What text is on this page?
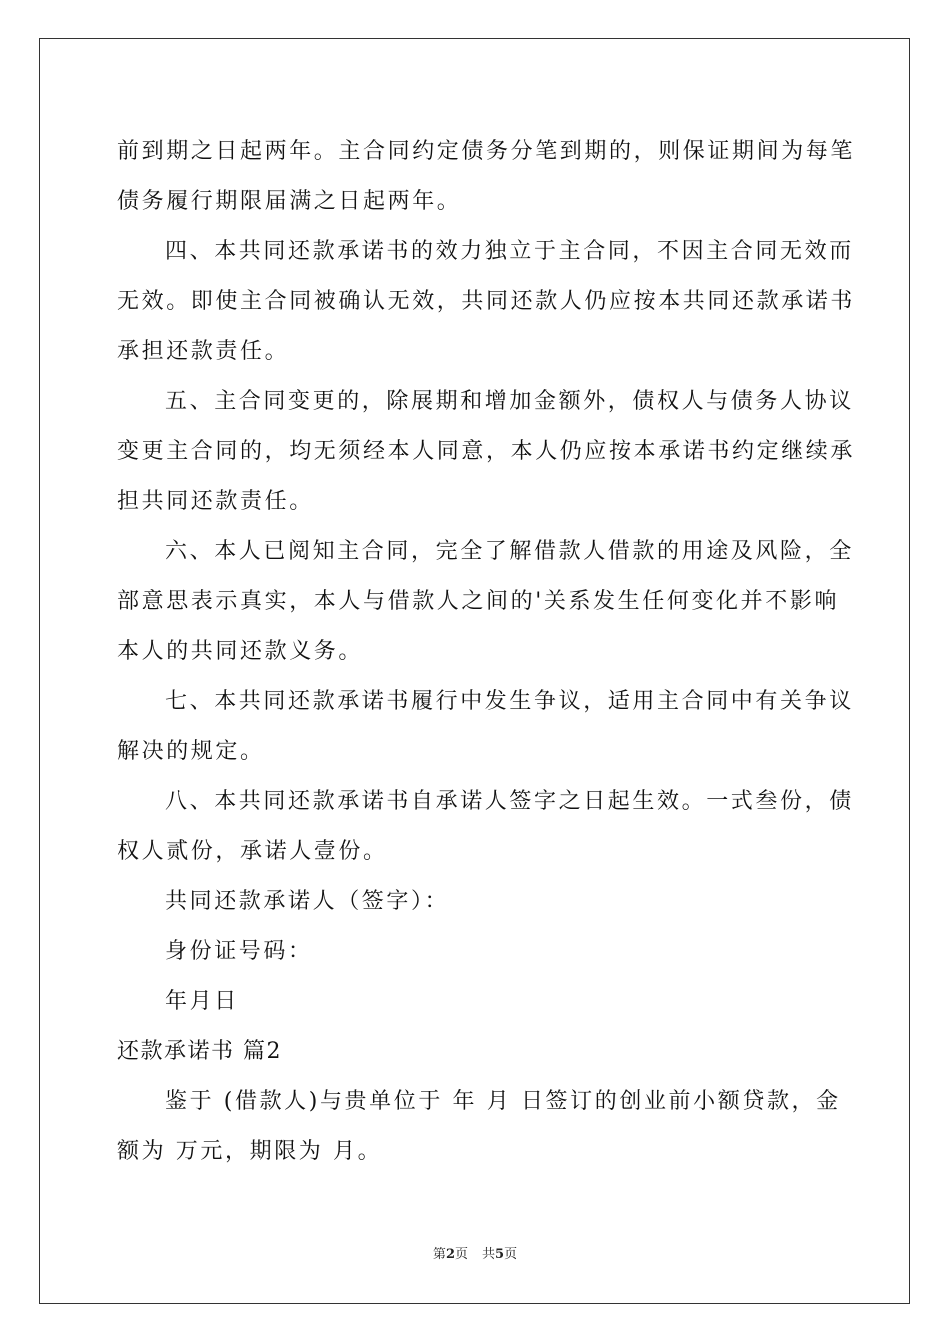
前到期之日起两年。主合同约定债务分笔到期的，则保证期间为每笔
债务履行期限届满之日起两年。
四、本共同还款承诺书的效力独立于主合同，不因主合同无效而
无效。即使主合同被确认无效，共同还款人仍应按本共同还款承诺书
承担还款责任。
五、主合同变更的，除展期和增加金额外，债权人与债务人协议
变更主合同的，均无须经本人同意，本人仍应按本承诺书约定继续承
担共同还款责任。
六、本人已阅知主合同，完全了解借款人借款的用途及风险，全
部意思表示真实，本人与借款人之间的'关系发生任何变化并不影响
本人的共同还款义务。
七、本共同还款承诺书履行中发生争议，适用主合同中有关争议
解决的规定。
八、本共同还款承诺书自承诺人签字之日起生效。一式叁份，债
权人贰份，承诺人壹份。
共同还款承诺人（签字）：
身份证号码：
年月日
还款承诺书 篇2
鉴于 (借款人)与贵单位于 年 月 日签订的创业前小额贷款，金
额为 万元，期限为 月。
第2页 共5页
